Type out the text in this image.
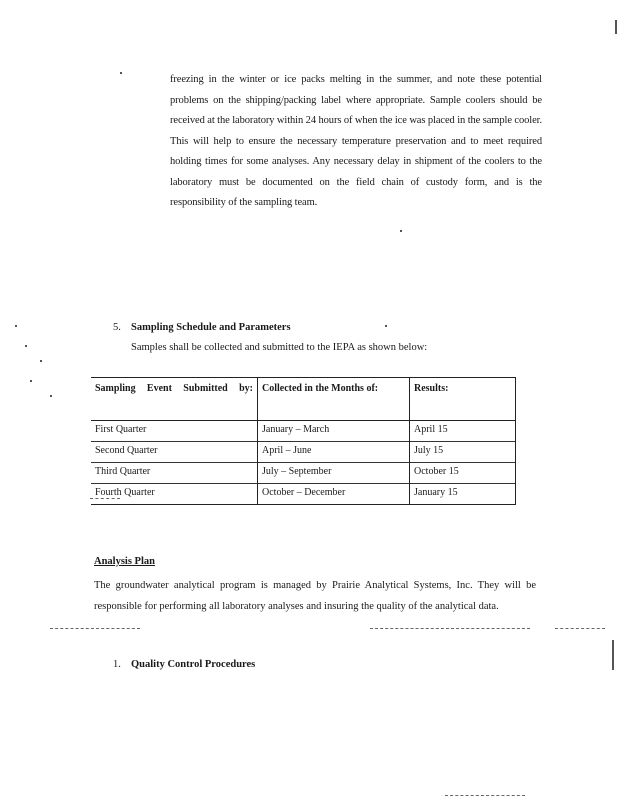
freezing in the winter or ice packs melting in the summer, and note these potential problems on the shipping/packing label where appropriate. Sample coolers should be received at the laboratory within 24 hours of when the ice was placed in the sample cooler. This will help to ensure the necessary temperature preservation and to meet required holding times for some analyses. Any necessary delay in shipment of the coolers to the laboratory must be documented on the field chain of custody form, and is the responsibility of the sampling team.

5. Sampling Schedule and Parameters

Samples shall be collected and submitted to the IEPA as shown below:

Sampling Event Submitted by:	Collected in the Months of:	Results:
First Quarter	January – March	April 15
Second Quarter	April – June	July 15
Third Quarter	July – September	October 15
Fourth Quarter	October – December	January 15

Analysis Plan

The groundwater analytical program is managed by Prairie Analytical Systems, Inc. They will be responsible for performing all laboratory analyses and insuring the quality of the analytical data.

1. Quality Control Procedures
